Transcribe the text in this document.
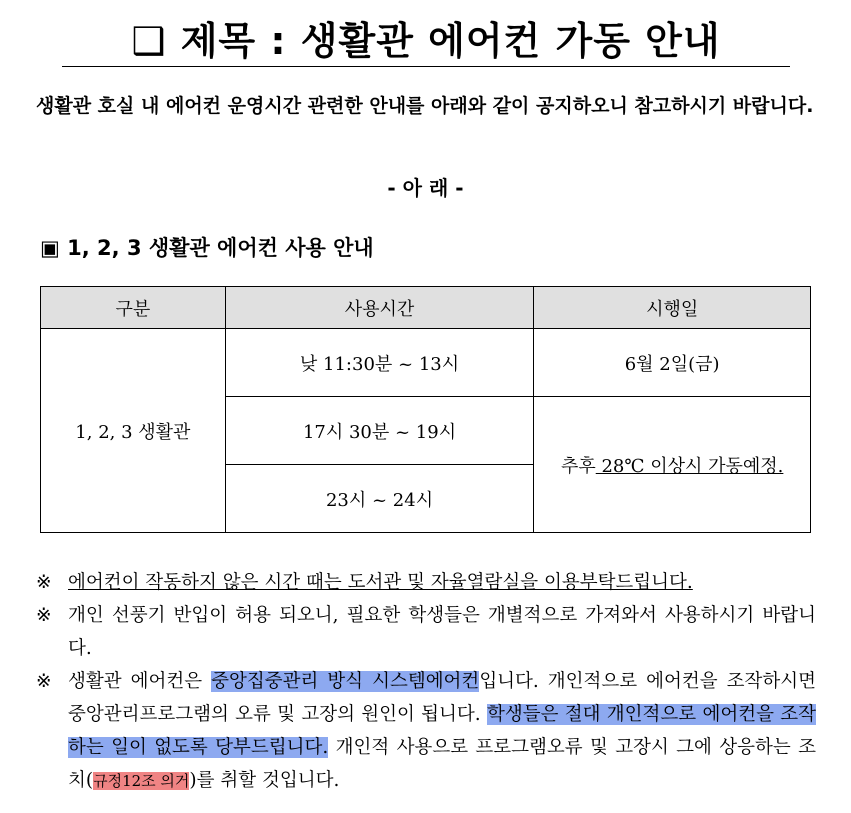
❑ 제목 : 생활관 에어컨 가동 안내
생활관 호실 내 에어컨 운영시간 관련한 안내를 아래와 같이 공지하오니 참고하시기 바랍니다.
- 아 래 -
▣ 1, 2, 3 생활관 에어컨 사용 안내
구분	사용시간	시행일
1, 2, 3 생활관	낮 11:30분 ~ 13시	6월 2일(금)
	17시 30분 ~ 19시	추후 28℃ 이상시 가동예정.
	23시 ~ 24시	
※ 에어컨이 작동하지 않은 시간 때는 도서관 및 자율열람실을 이용부탁드립니다.
※ 개인 선풍기 반입이 허용 되오니, 필요한 학생들은 개별적으로 가져와서 사용하시기 바랍니다.
※ 생활관 에어컨은 중앙집중관리 방식 시스템에어컨입니다. 개인적으로 에어컨을 조작하시면 중앙관리프로그램의 오류 및 고장의 원인이 됩니다. 학생들은 절대 개인적으로 에어컨을 조작하는 일이 없도록 당부드립니다. 개인적 사용으로 프로그램오류 및 고장시 그에 상응하는 조치(규정12조 의거)를 취할 것입니다.
